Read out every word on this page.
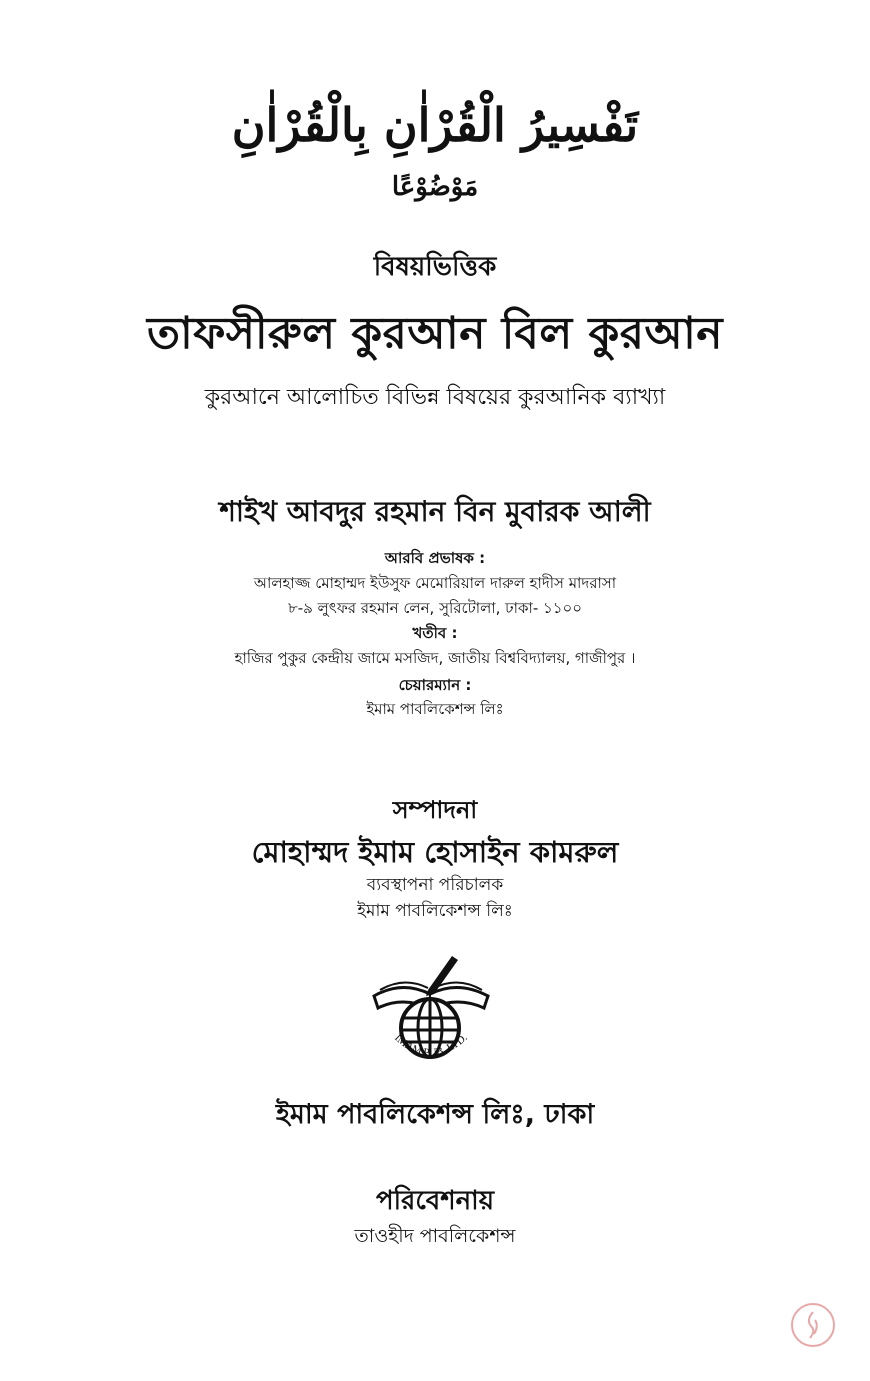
تَفْسِيرُ الْقُرْاٰنِ بِالْقُرْاٰنِ
مَوْضُوْعًا
বিষয়ভিত্তিক
তাফসীরুল কুরআন বিল কুরআন
কুরআনে আলোচিত বিভিন্ন বিষয়ের কুরআনিক ব্যাখ্যা
শাইখ আবদুর রহমান বিন মুবারক আলী
আরবি প্রভাষক :
আলহাজ্জ মোহাম্মদ ইউসুফ মেমোরিয়াল দারুল হাদীস মাদরাসা
৮-৯ লুৎফর রহমান লেন, সুরিটোলা, ঢাকা- ১১০০
খতীব :
হাজির পুকুর কেন্দ্রীয় জামে মসজিদ, জাতীয় বিশ্ববিদ্যালয়, গাজীপুর ।
চেয়ারম্যান :
ইমাম পাবলিকেশন্স লিঃ
সম্পাদনা
মোহাম্মদ ইমাম হোসাইন কামরুল
ব্যবস্থাপনা পরিচালক
ইমাম পাবলিকেশন্স লিঃ
IMAM PUB. LTD.
ইমাম পাবলিকেশন্স লিঃ, ঢাকা
পরিবেশনায়
তাওহীদ পাবলিকেশন্স
